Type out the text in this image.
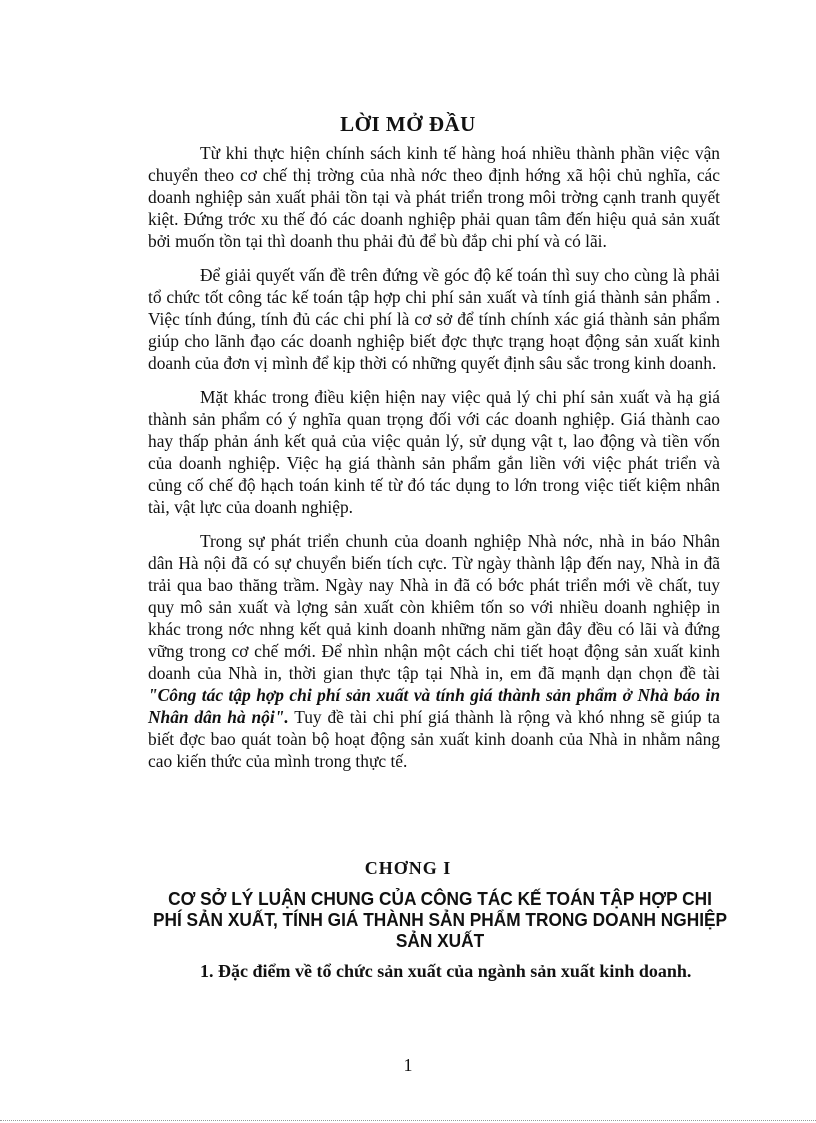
LỜI MỞ ĐẦU

Từ khi thực hiện chính sách kinh tế hàng hoá nhiều thành phần việc vận chuyển theo cơ chế thị trờng của nhà nớc theo định hớng xã hội chủ nghĩa, các doanh nghiệp sản xuất phải tồn tại và phát triển trong môi trờng cạnh tranh quyết kiệt. Đứng trớc xu thế đó các doanh nghiệp phải quan tâm đến hiệu quả sản xuất bởi muốn tồn tại thì doanh thu phải đủ để bù đắp chi phí và có lãi.

Để giải quyết vấn đề trên đứng về góc độ kế toán thì suy cho cùng là phải tổ chức tốt công tác kế toán tập hợp chi phí sản xuất và tính giá thành sản phẩm . Việc tính đúng, tính đủ các chi phí là cơ sở để tính chính xác giá thành sản phẩm giúp cho lãnh đạo các doanh nghiệp biết đợc thực trạng hoạt động sản xuất kinh doanh của đơn vị mình để kịp thời có những quyết định sâu sắc trong kinh doanh.

Mặt khác trong điều kiện hiện nay việc quả lý chi phí sản xuất và hạ giá thành sản phẩm có ý nghĩa quan trọng đối với các doanh nghiệp. Giá thành cao hay thấp phản ánh kết quả của việc quản lý, sử dụng vật t, lao động và tiền vốn của doanh nghiệp. Việc hạ giá thành sản phẩm gắn liền với việc phát triển và củng cố chế độ hạch toán kinh tế từ đó tác dụng to lớn trong việc tiết kiệm nhân tài, vật lực của doanh nghiệp.

Trong sự phát triển chunh của doanh nghiệp Nhà nớc, nhà in báo Nhân dân Hà nội đã có sự chuyển biến tích cực. Từ ngày thành lập đến nay, Nhà in đã trải qua bao thăng trầm. Ngày nay Nhà in đã có bớc phát triển mới về chất, tuy quy mô sản xuất và lợng sản xuất còn khiêm tốn so với nhiều doanh nghiệp in khác trong nớc nhng kết quả kinh doanh những năm gần đây đều có lãi và đứng vững trong cơ chế mới. Để nhìn nhận một cách chi tiết hoạt động sản xuất kinh doanh của Nhà in, thời gian thực tập tại Nhà in, em đã mạnh dạn chọn đề tài "Công tác tập hợp chi phí sản xuất và tính giá thành sản phẩm ở Nhà báo in Nhân dân hà nội". Tuy đề tài chi phí giá thành là rộng và khó nhng sẽ giúp ta biết đợc bao quát toàn bộ hoạt động sản xuất kinh doanh của Nhà in nhằm nâng cao kiến thức của mình trong thực tế.

CHƠNG I
CƠ SỞ LÝ LUẬN CHUNG CỦA CÔNG TÁC KẾ TOÁN TẬP HỢP CHI PHÍ SẢN XUẤT, TÍNH GIÁ THÀNH SẢN PHẨM TRONG DOANH NGHIỆP SẢN XUẤT
1. Đặc điểm về tổ chức sản xuất của ngành sản xuất kinh doanh.
1
